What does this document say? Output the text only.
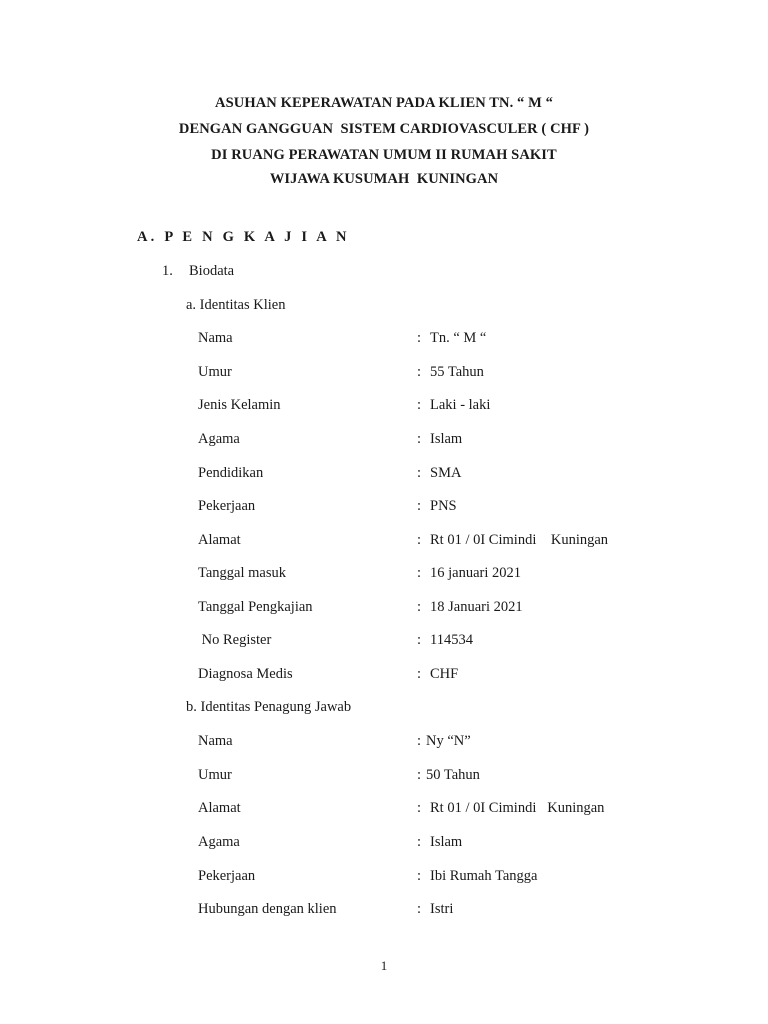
ASUHAN KEPERAWATAN PADA KLIEN TN. “ M “
DENGAN GANGGUAN  SISTEM CARDIOVASCULER ( CHF )
DI RUANG PERAWATAN UMUM II RUMAH SAKIT
WIJAWA KUSUMAH  KUNINGAN
A. P E N G K A J I A N
1. Biodata
a. Identitas Klien
Nama	: Tn. “ M “
Umur	: 55 Tahun
Jenis Kelamin	: Laki - laki
Agama	: Islam
Pendidikan	: SMA
Pekerjaan	: PNS
Alamat	: Rt 01 / 0I Cimindi    Kuningan
Tanggal masuk	: 16 januari 2021
Tanggal Pengkajian	: 18 Januari 2021
No Register	: 114534
Diagnosa Medis	: CHF
b. Identitas Penagung Jawab
Nama	: Ny “N”
Umur	: 50 Tahun
Alamat	: Rt 01 / 0I Cimindi   Kuningan
Agama	: Islam
Pekerjaan	: Ibi Rumah Tangga
Hubungan dengan klien	: Istri
1
